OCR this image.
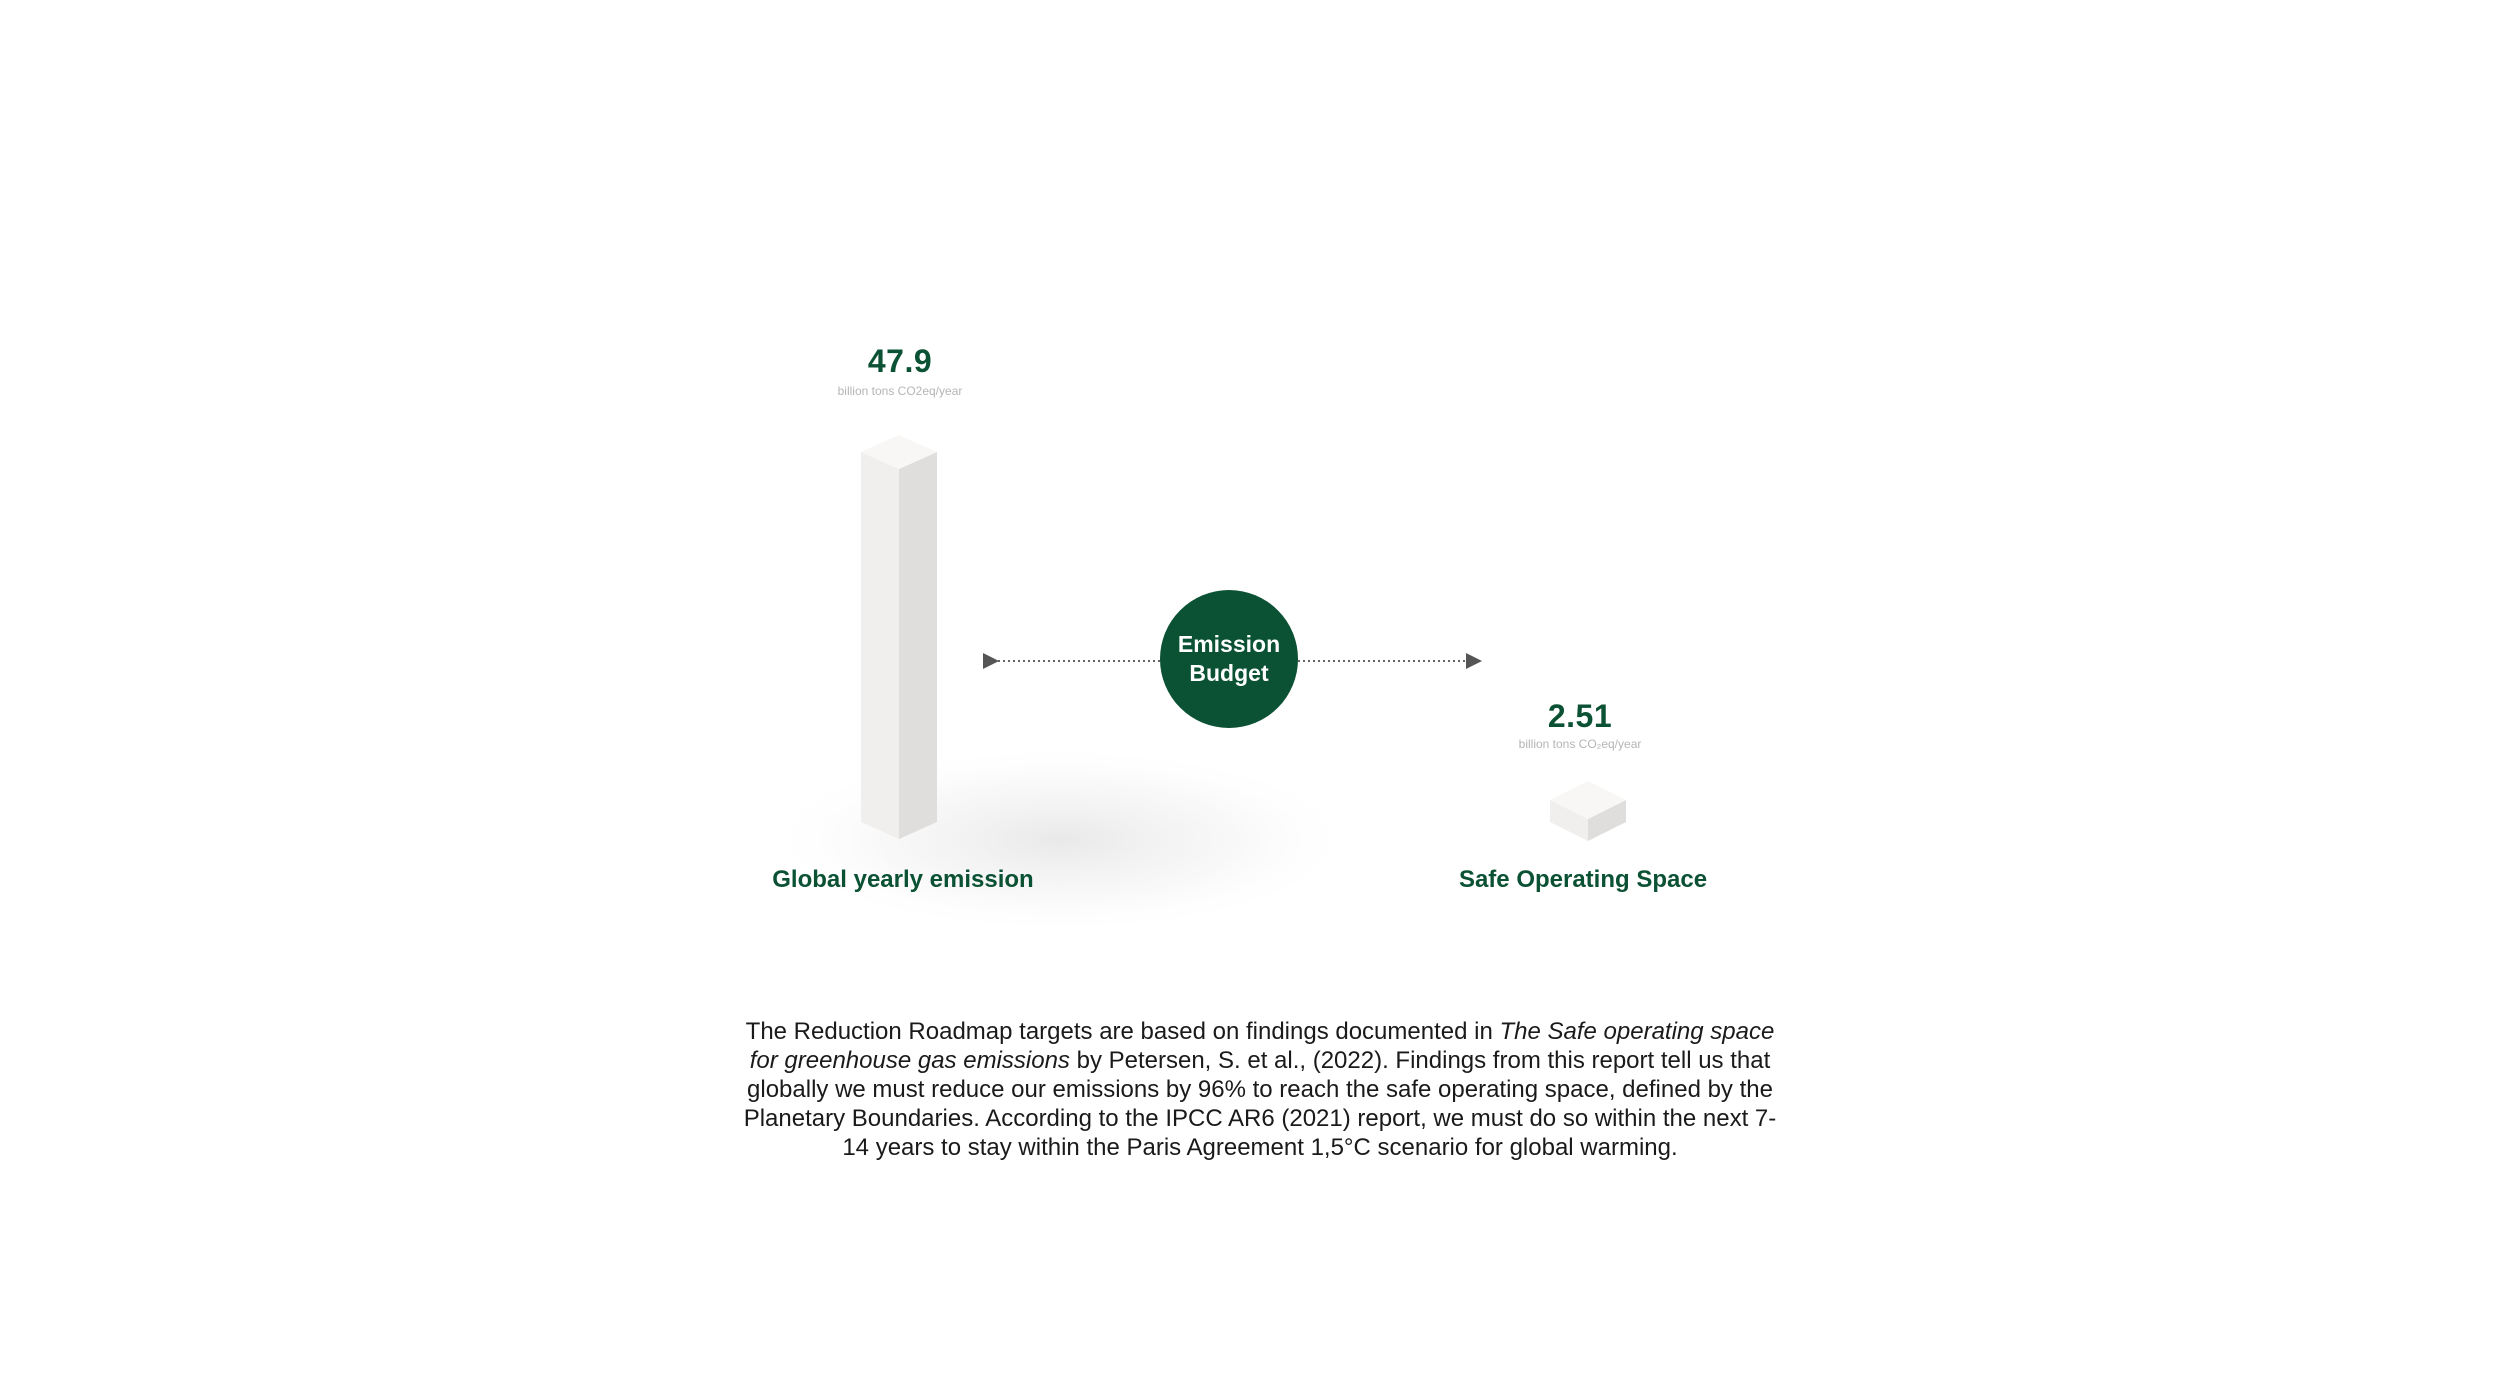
47.9
billion tons CO2eq/year
2.51
billion tons CO₂eq/year
Emission
Budget
Global yearly emission	Safe Operating Space
The Reduction Roadmap targets are based on findings documented in The Safe operating space for greenhouse gas emissions by Petersen, S. et al., (2022). Findings from this report tell us that globally we must reduce our emissions by 96% to reach the safe operating space, defined by the Planetary Boundaries. According to the IPCC AR6 (2021) report, we must do so within the next 7-14 years to stay within the Paris Agreement 1,5°C scenario for global warming.
